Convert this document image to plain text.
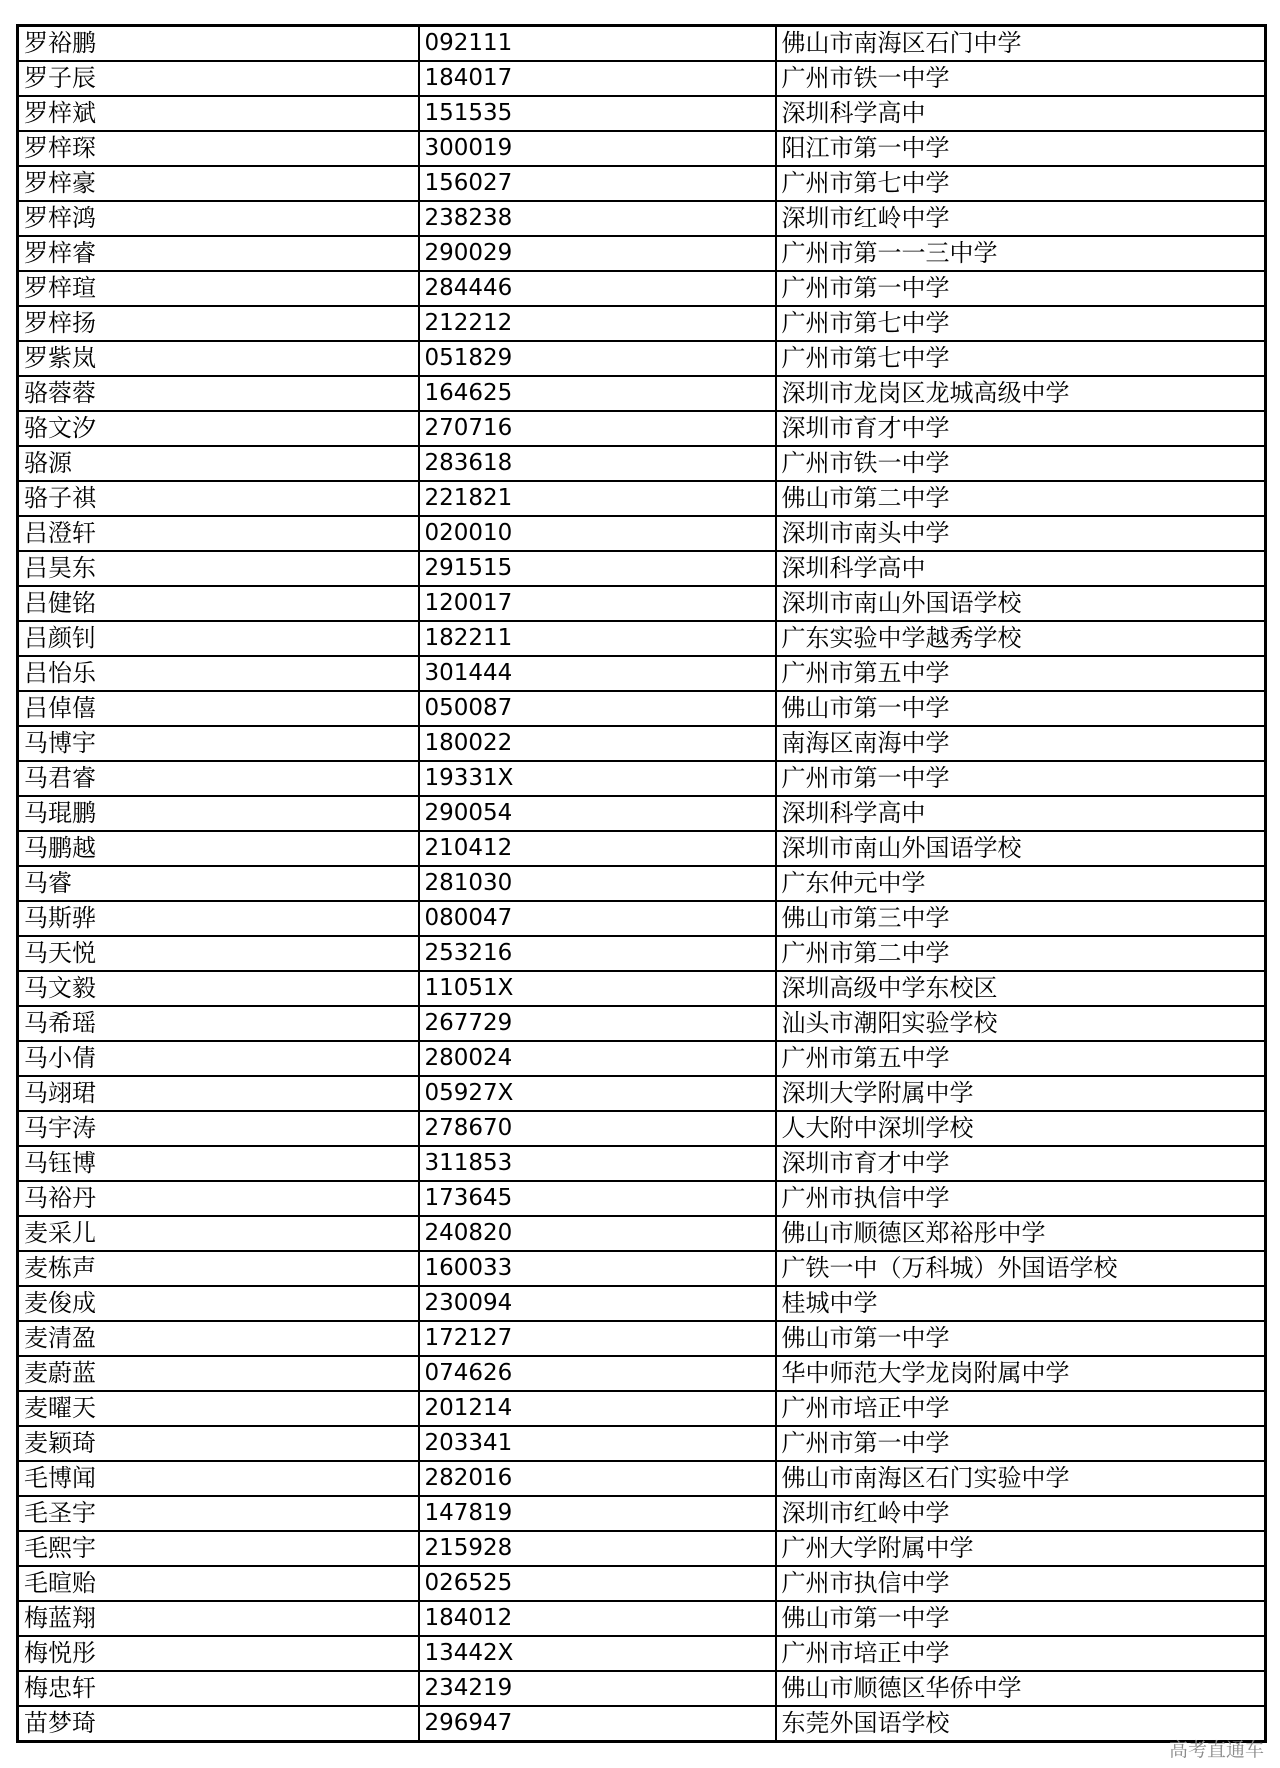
罗裕鹏	092111	佛山市南海区石门中学
罗子辰	184017	广州市铁一中学
罗梓斌	151535	深圳科学高中
罗梓琛	300019	阳江市第一中学
罗梓豪	156027	广州市第七中学
罗梓鸿	238238	深圳市红岭中学
罗梓睿	290029	广州市第一一三中学
罗梓瑄	284446	广州市第一中学
罗梓扬	212212	广州市第七中学
罗紫岚	051829	广州市第七中学
骆蓉蓉	164625	深圳市龙岗区龙城高级中学
骆文汐	270716	深圳市育才中学
骆源	283618	广州市铁一中学
骆子祺	221821	佛山市第二中学
吕澄轩	020010	深圳市南头中学
吕昊东	291515	深圳科学高中
吕健铭	120017	深圳市南山外国语学校
吕颜钊	182211	广东实验中学越秀学校
吕怡乐	301444	广州市第五中学
吕倬僖	050087	佛山市第一中学
马博宇	180022	南海区南海中学
马君睿	19331X	广州市第一中学
马琨鹏	290054	深圳科学高中
马鹏越	210412	深圳市南山外国语学校
马睿	281030	广东仲元中学
马斯骅	080047	佛山市第三中学
马天悦	253216	广州市第二中学
马文毅	11051X	深圳高级中学东校区
马希瑶	267729	汕头市潮阳实验学校
马小倩	280024	广州市第五中学
马翊珺	05927X	深圳大学附属中学
马宇涛	278670	人大附中深圳学校
马钰博	311853	深圳市育才中学
马裕丹	173645	广州市执信中学
麦采儿	240820	佛山市顺德区郑裕彤中学
麦栋声	160033	广铁一中（万科城）外国语学校
麦俊成	230094	桂城中学
麦清盈	172127	佛山市第一中学
麦蔚蓝	074626	华中师范大学龙岗附属中学
麦曜天	201214	广州市培正中学
麦颖琦	203341	广州市第一中学
毛博闻	282016	佛山市南海区石门实验中学
毛圣宇	147819	深圳市红岭中学
毛熙宇	215928	广州大学附属中学
毛暄贻	026525	广州市执信中学
梅蓝翔	184012	佛山市第一中学
梅悦彤	13442X	广州市培正中学
梅忠轩	234219	佛山市顺德区华侨中学
苗梦琦	296947	东莞外国语学校
高考直通车
